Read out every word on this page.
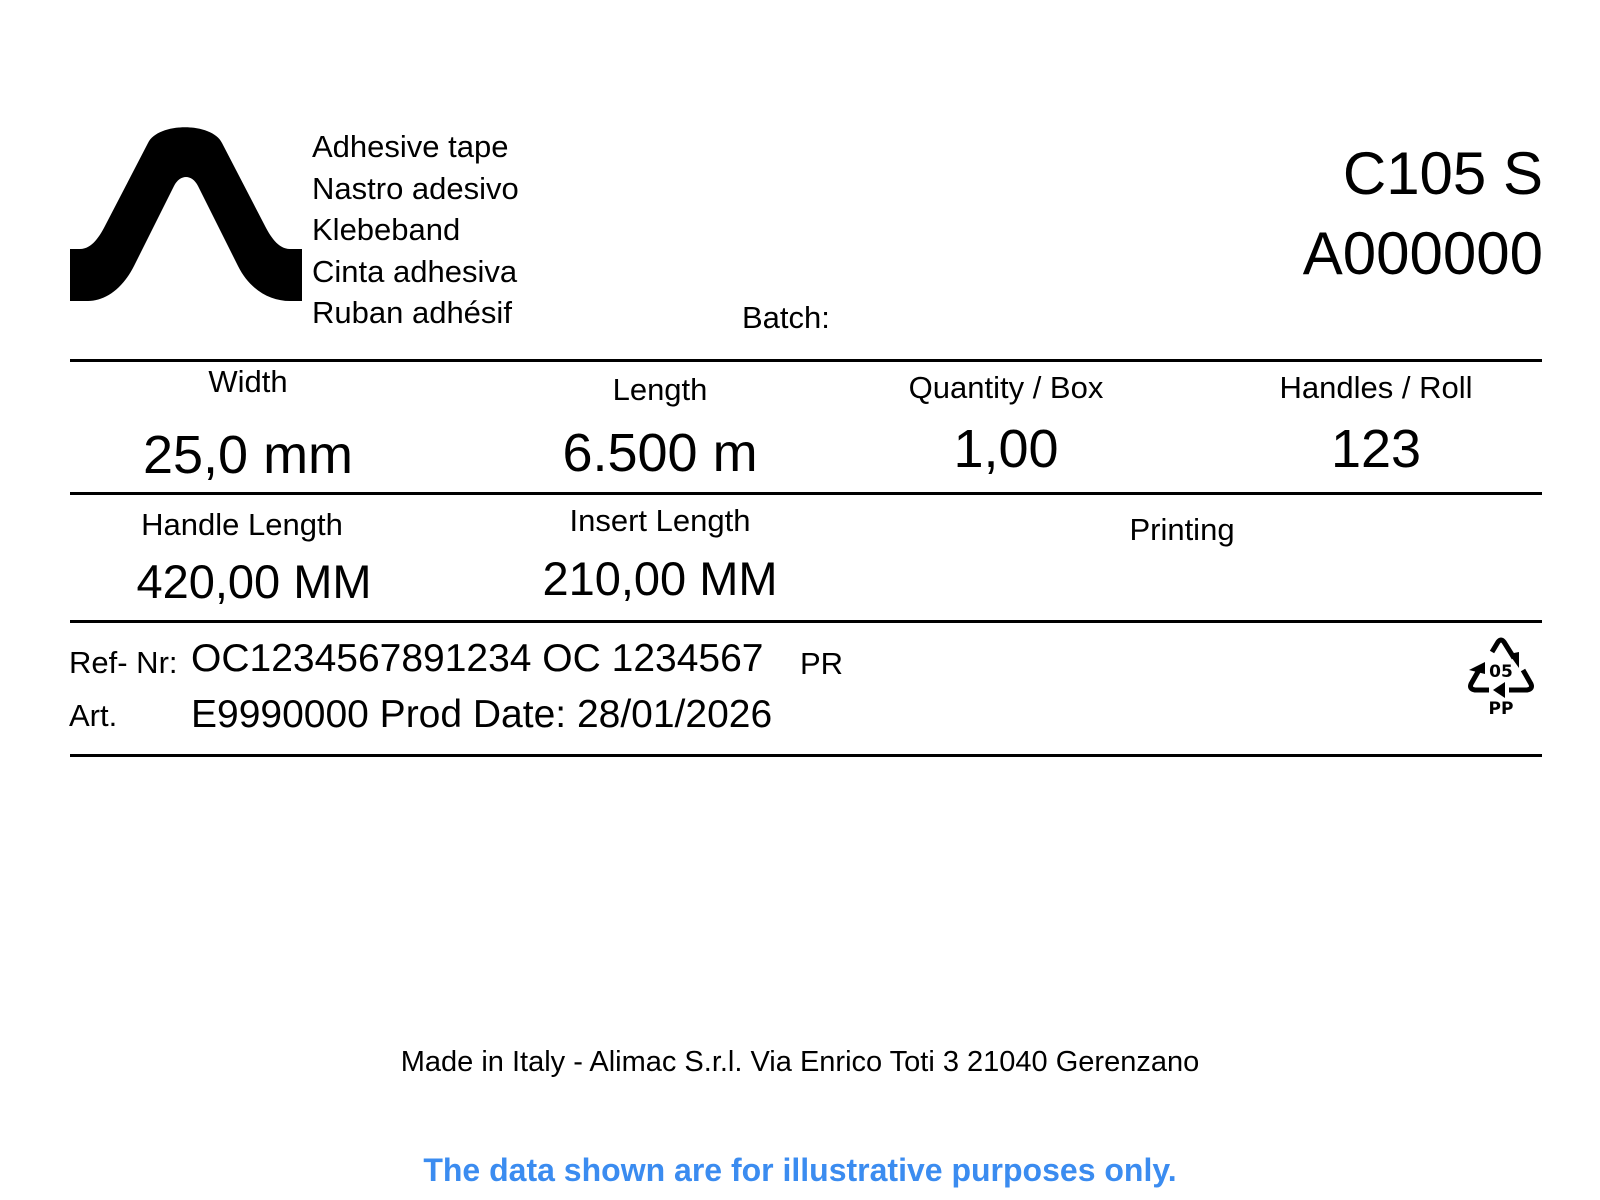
Adhesive tape
Nastro adesivo
Klebeband
Cinta adhesiva
Ruban adhésif	Batch:
C105 S
A000000
Width
25,0 mm
Length
6.500 m
Quantity / Box
1,00
Handles / Roll
123
Handle Length
420,00 MM
Insert Length
210,00 MM
Printing
Ref- Nr: OC1234567891234 OC 1234567 PR
Art. E9990000 Prod Date: 28/01/2026
05
PP
Made in Italy - Alimac S.r.l. Via Enrico Toti 3 21040 Gerenzano
The data shown are for illustrative purposes only.
